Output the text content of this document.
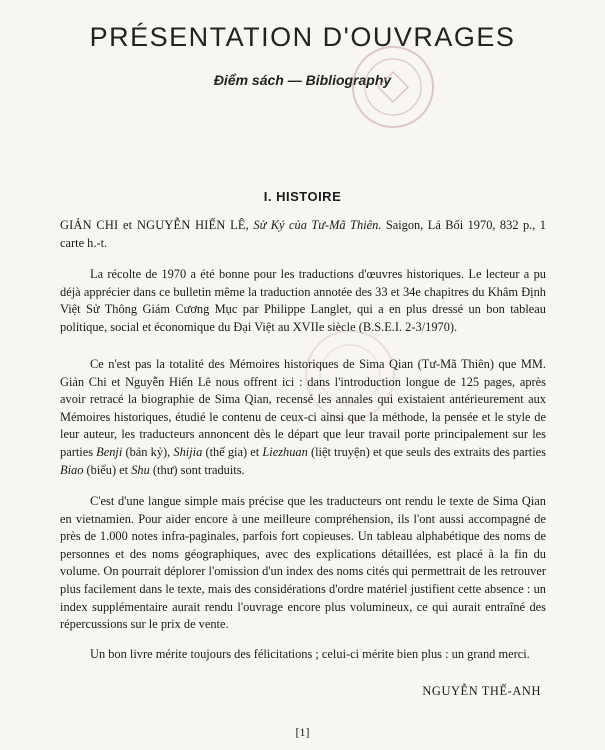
PRÉSENTATION D'OUVRAGES
Điểm sách — Bibliography
I. HISTOIRE
GIẢN CHI et NGUYỄN HIẾN LÊ, Sử Ký của Tư-Mã Thiên. Saigon, Lá Bối 1970, 832 p., 1 carte h.-t.
La récolte de 1970 a été bonne pour les traductions d'œuvres historiques. Le lecteur a pu déjà apprécier dans ce bulletin même la traduction annotée des 33 et 34e chapitres du Khâm Định Việt Sử Thông Giám Cương Mục par Philippe Langlet, qui a en plus dressé un bon tableau politique, social et économique du Đại Việt au XVIIe siècle (B.S.E.I. 2-3/1970).
Ce n'est pas la totalité des Mémoires historiques de Sima Qian (Tư-Mã Thiên) que MM. Giản Chi et Nguyễn Hiến Lê nous offrent ici : dans l'introduction longue de 125 pages, après avoir retracé la biographie de Sima Qian, recensé les annales qui existaient antérieurement aux Mémoires historiques, étudié le contenu de ceux-ci ainsi que la méthode, la pensée et le style de leur auteur, les traducteurs annoncent dès le départ que leur travail porte principalement sur les parties Benji (bản kỷ), Shijia (thế gia) et Liezhuan (liệt truyện) et que seuls des extraits des parties Biao (biểu) et Shu (thư) sont traduits.
C'est d'une langue simple mais précise que les traducteurs ont rendu le texte de Sima Qian en vietnamien. Pour aider encore à une meilleure compréhension, ils l'ont aussi accompagné de près de 1.000 notes infra-paginales, parfois fort copieuses. Un tableau alphabétique des noms de personnes et des noms géographiques, avec des explications détaillées, est placé à la fin du volume. On pourrait déplorer l'omission d'un index des noms cités qui permettrait de les retrouver plus facilement dans le texte, mais des considérations d'ordre matériel justifient cette absence : un index supplémentaire aurait rendu l'ouvrage encore plus volumineux, ce qui aurait entraîné des répercussions sur le prix de vente.
Un bon livre mérite toujours des félicitations ; celui-ci mérite bien plus : un grand merci.
NGUYỄN THẾ-ANH
[1]
